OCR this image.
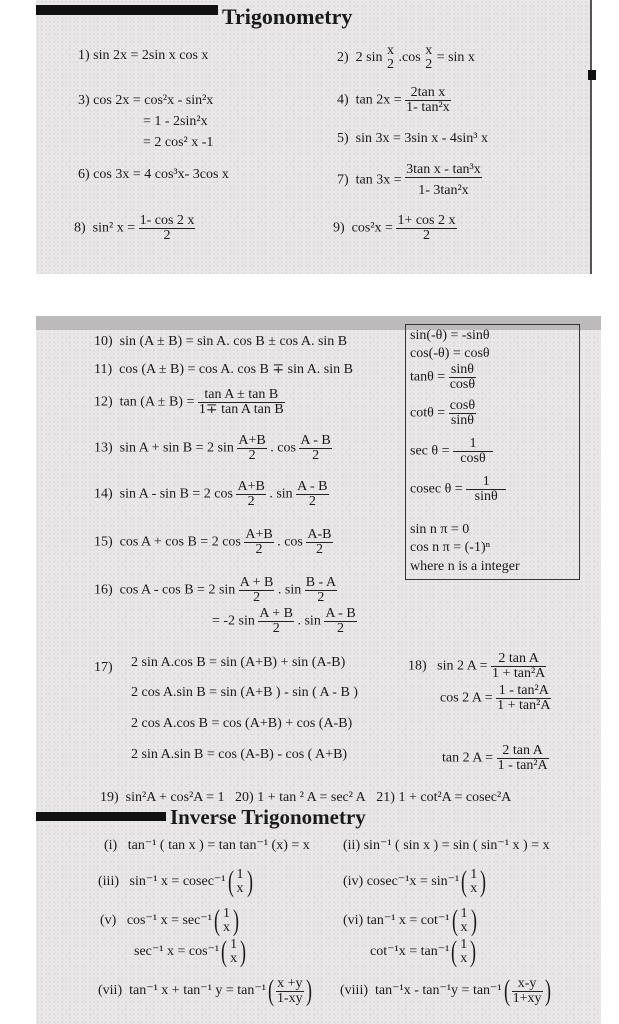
Trigonometry
1) sin 2x = 2sin x cos x	2) 2 sin x
2 .cos x
2 = sin x
3) cos 2x = cos²x - sin²x
= 1 - 2sin²x
= 2 cos² x -1
4) $\tan 2x = \frac{\text{2tan x}}{\text{1- tan²x}}$
5) sin 3x = 3sin x - 4sin³ x
6) cos 3x = 4 cos³x- 3cos x	7) $\tan 3x = \frac{\text{3tan x - tan³x}}{\text{1- 3tan²x}}$
8) sin² $x = \frac{1- \cos 2 x}{2}$	9) $\cos^2x = \frac{1+ \cos 2 x}{2}$
10) sin (A ± B) = sin A. cos B ± cos A. sin B
11) cos (A ± B) = cos A. cos B ∓ sin A. sin B
12) $\tan (A \pm B) = \frac{\text{tan A ± tan B}}{\text{1∓ tan A tan B}}$
13) sin A + sin B = 2 $\sin \frac{A+B}{2}$ . $\cos \frac{A - B}{2}$
14) sin A - sin B = 2 $\cos \frac{A+B}{2}$ . $\sin \frac{A - B}{2}$
15) cos A + cos B = 2 $\cos \frac{A+B}{2}$ . $\cos \frac{A-B}{2}$
16) cos A - cos B = 2 $\sin \frac{A + B}{2}$ . $\sin \frac{B - A}{2}$
= -2 $\sin \frac{A + B}{2}$ . $\sin \frac{A - B}{2}$
17) 2 sin A.cos B = sin (A+B) + sin (A-B)
2 cos A.sin B = sin (A+B ) - sin ( A - B )
2 cos A.cos B = cos (A+B) + cos (A-B)
2 sin A.sin B = cos (A-B) - cos ( A+B)
18) sin 2 $A = \frac{\text{2 tan A}}{\text{1 + tan²A}}$
cos 2 $A = \frac{\text{1 - tan²A}}{\text{1 + tan²A}}$
tan 2 $A = \frac{\text{2 tan A}}{\text{1 - tan²A}}$
19) sin²A + cos²A = 1 20) 1 + tan ² A = sec² A 21) 1 + cot²A = cosec²A
sin(-θ) = -sinθ
cos(-θ) = cosθ
$\tan\theta = \frac{\sin\theta}{\cos\theta}$
$\cot\theta = \frac{\cos\theta}{\sin\theta}$
$\sec \theta = \frac{1}{\cos\theta}$
cosec $\theta = \frac{1}{\sin\theta}$
sin n π = 0
cos n π = (-1)ⁿ
where n is a integer
Inverse Trigonometry
(i) tan⁻¹ ( tan x ) = tan tan⁻¹ (x) = x (ii) sin⁻¹ ( sin x ) = sin ( sin⁻¹ x ) = x
(iii) sin⁻¹ x = cosec⁻¹( 1
x )	(iv) cosec⁻¹x = sin⁻¹( 1
x )
(v) cos⁻¹ x = sec⁻¹( 1
x )
sec⁻¹ x = cos⁻¹( 1
x )
(vi) tan⁻¹ x = cot⁻¹( 1
x )
cot⁻¹x = tan⁻¹( 1
x )
(vii) tan⁻¹ x + tan⁻¹ $y = \tan^{-1}( \frac{x +y}{1-xy}$ ) (viii) $\tan^{-1}x - \tan^{-1}y = \tan^{-1}( \frac{x-y}{1+xy}$ )
